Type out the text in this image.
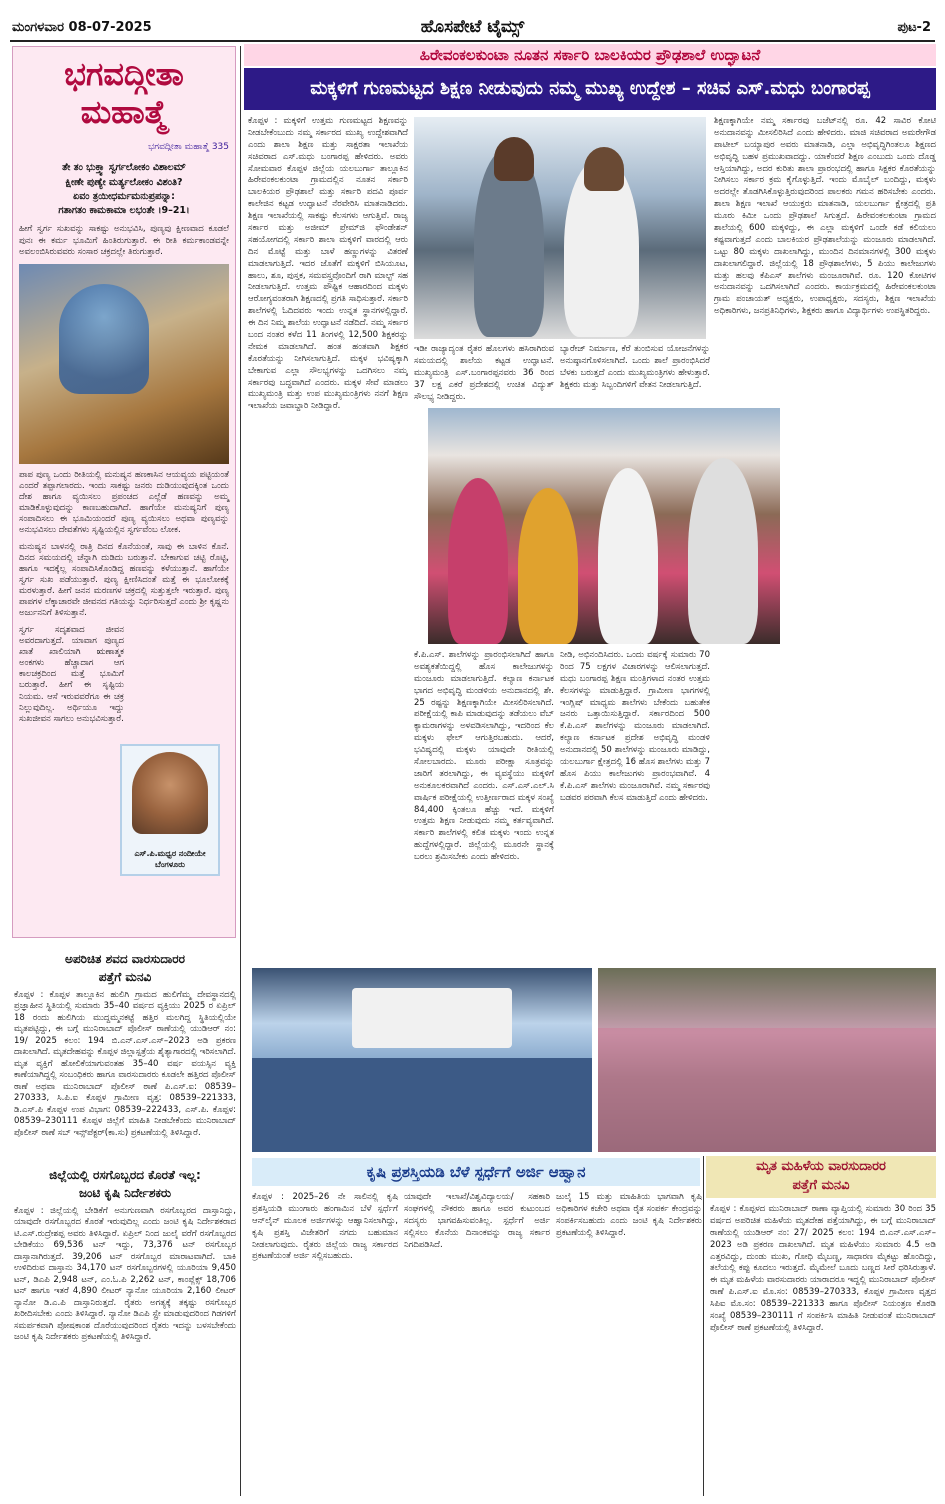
ಮಂಗಳವಾರ 08-07-2025	ಹೊಸಪೇಟೆ ಟೈಮ್ಸ್	ಪುಟ-2
ಭಗವದ್ಗೀತಾ
ಮಹಾತ್ಮೆ
ಭಗವದ್ಗೀತಾ ಮಹಾತ್ಮೆ 335
ತೇ ತಂ ಭುಕ್ತ್ವಾ ಸ್ವರ್ಗಲೋಕಂ ವಿಶಾಲಮ್
ಕ್ಷೀಣೇ ಪುಣ್ಯೇ ಮರ್ತ್ಯಲೋಕಂ ವಿಶಂತಿ?
ಏವಂ ತ್ರಯೀಧರ್ಮಮನುಪ್ರಪನ್ನಾ:
ಗತಾಗತಂ ಕಾಮಕಾಮಾ ಲಭಂತೇ ।9–21।
ಹೀಗೆ ಸ್ವರ್ಗ ಸುಖವನ್ನು ಸಾಕಷ್ಟು ಅನುಭವಿಸಿ, ಪುಣ್ಯವು ಕ್ಷೀಣವಾದ ಕೂಡಲೆ ಪುನಃ ಈ ಕರ್ಮ ಭೂಮಿಗೆ ಹಿಂತಿರುಗುತ್ತಾರೆ. ಈ ರೀತಿ ಕರ್ಮಕಾಂಡವನ್ನೇ ಅವಲಂಬಿಸಿರುವವರು ಸಂಸಾರ ಚಕ್ರದಲ್ಲೇ ತಿರುಗುತ್ತಾರೆ.
ಪಾಪ ಪುಣ್ಯ ಒಂದು ರೀತಿಯಲ್ಲಿ ಮನುಷ್ಯನ ಹಣಕಾಸಿನ ಆಯವ್ಯಯ ಪಟ್ಟಿಯಂತೆ ಎಂದರೆ ತಪ್ಪಾಗಲಾರದು. ಇಂದು ಸಾಕಷ್ಟು ಜನರು ದುಡಿಯುವುದಕ್ಕಿಂತ ಒಂದು ದೇಶ ಹಾಗೂ ವ್ಯಯಿಸಲು ಪ್ರಪಂಚದ ಎಲ್ಲೆಡೆ ಹಣವನ್ನು ಅಮ್ಮ ಮಾಡಿಕೊಳ್ಳುವುದನ್ನು ಕಾಣಬಹುದಾಗಿದೆ. ಹಾಗೆಯೇ ಮನುಷ್ಯನಿಗೆ ಪುಣ್ಯ ಸಂಪಾದಿಸಲು ಈ ಭೂಮಿಯಂದರೆ ಪುಣ್ಯ ವ್ಯಯಿಸಲು ಅಥವಾ ಪುಣ್ಯವನ್ನು ಅನುಭವಿಸಲು ದೇವತೆಗಳು ಸೃಷ್ಟಿಯಲ್ಲಿನ ಸ್ವರ್ಗವೆಂಬ ಲೋಕ.
ಮನುಷ್ಯನ ಬಾಳನಲ್ಲಿ ರಾತ್ರಿ ದಿನದ ಕೊನೆಯಂತೆ, ಸಾವು ಈ ಬಾಳಿನ ಕೊನೆ. ದಿನದ ಸಮಯದಲ್ಲಿ ಚೆನ್ನಾಗಿ ದುಡಿದು ಬರುತ್ತಾನೆ. ಬೇಕಾಗುವ ಚಟ್ಟಿ ರೊಟ್ಟಿ, ಹಾಗೂ ಇದಕ್ಕೆಲ್ಲ ಸಂಪಾದಿಸಿಕೊಂಡಿದ್ದ ಹಣವನ್ನು ಕಳೆಯುತ್ತಾನೆ. ಹಾಗೆಯೇ ಸ್ವರ್ಗ ಸುಖ ಪಡೆಯುತ್ತಾರೆ. ಪುಣ್ಯ ಕ್ಷೀಣಿಸಿದಂತೆ ಮತ್ತೆ ಈ ಭೂಲೋಕಕ್ಕೆ ಮರಳುತ್ತಾರೆ. ಹೀಗೆ ಜನನ ಮರಣಗಳ ಚಕ್ರದಲ್ಲಿ ಸುತ್ತುತ್ತಲೇ ಇರುತ್ತಾರೆ. ಪುಣ್ಯ ಪಾಪಗಳ ಲೆಕ್ಕಾಚಾರವೇ ಜೀವನದ ಗತಿಯನ್ನು ನಿರ್ಧರಿಸುತ್ತದೆ ಎಂದು ಶ್ರೀ ಕೃಷ್ಣನು ಅರ್ಜುನನಿಗೆ ತಿಳಿಸುತ್ತಾನೆ.
ಸ್ವರ್ಗ ಸದೃಶವಾದ ಜೀವನ ಅವರದಾಗುತ್ತದೆ. ಯಾವಾಗ ಪುಣ್ಯದ ಖಾತೆ ಖಾಲಿಯಾಗಿ ಋಣಾತ್ಮಕ ಅಂಕಗಳು ಹೆಚ್ಚಾದಾಗ ಆಗ ಕಾಲಚಕ್ರದಿಂದ ಮತ್ತೆ ಭೂಮಿಗೆ ಬರುತ್ತಾರೆ. ಹೀಗೆ ಈ ಸೃಷ್ಟಿಯ ನಿಯಮ. ಆಸೆ ಇರುವವರೆಗೂ ಈ ಚಕ್ರ ನಿಲ್ಲುವುದಿಲ್ಲ. ಅರ್ಥಿಯೂ ಇದ್ದು ಸುಖಜೀವನ ಸಾಗಲು ಅನುಭವಿಸುತ್ತಾರೆ.
ಎಸ್.ಪಿ.ಮಧ್ವರ ನಂದೀಯೇ ಬೆಂಗಳೂರು
ಅಪರಿಚಿತ ಶವದ ವಾರಸುದಾರರ
ಪತ್ತೆಗೆ ಮನವಿ
ಕೊಪ್ಪಳ : ಕೊಪ್ಪಳ ತಾಲ್ಲೂಕಿನ ಹುಲಿಗಿ ಗ್ರಾಮದ ಹುಲಿಗೆಮ್ಮ ದೇವಸ್ಥಾನದಲ್ಲಿ ಪ್ರಜ್ಞಾಹೀನ ಸ್ಥಿತಿಯಲ್ಲಿ ಸುಮಾರು 35–40 ವರ್ಷದ ವ್ಯಕ್ತಿಯು 2025 ರ ಏಪ್ರಿಲ್ 18 ರಂದು ಹುಲಿಗಿಯ ಮುದ್ದಮ್ಮನಕಟ್ಟೆ ಹತ್ತಿರ ಮಲಗಿದ್ದ ಸ್ಥಿತಿಯಲ್ಲಿಯೇ ಮೃತಪಟ್ಟಿದ್ದು, ಈ ಬಗ್ಗೆ ಮುನಿರಾಬಾದ್ ಪೊಲೀಸ್ ಠಾಣೆಯಲ್ಲಿ ಯುಡಿಆರ್ ನಂ: 19/ 2025 ಕಲಂ: 194 ಬಿ.ಎನ್.ಎಸ್.ಎಸ್–2023 ಅಡಿ ಪ್ರಕರಣ ದಾಖಲಾಗಿದೆ. ಮೃತದೇಹವನ್ನು ಕೊಪ್ಪಳ ಜಿಲ್ಲಾಸ್ಪತ್ರೆಯ ಶೈತ್ಯಾಗಾರದಲ್ಲಿ ಇರಿಸಲಾಗಿದೆ. ಮೃತ ವ್ಯಕ್ತಿಗೆ ಹೋಲಿಕೆಯಾಗುವಂತಹ 35–40 ವರ್ಷ ವಯಸ್ಸಿನ ವ್ಯಕ್ತಿ ಕಾಣೆಯಾಗಿದ್ದಲ್ಲಿ ಸಂಬಂಧಿಕರು ಹಾಗೂ ವಾರಸುದಾರರು ಕೂಡಲೇ ಹತ್ತಿರದ ಪೊಲೀಸ್ ಠಾಣೆ ಅಥವಾ ಮುನಿರಾಬಾದ್ ಪೊಲೀಸ್ ಠಾಣೆ ಪಿ.ಎಸ್.ಐ: 08539–270333, ಸಿ.ಪಿ.ಐ ಕೊಪ್ಪಳ ಗ್ರಾಮೀಣ ವೃತ್ತ: 08539–221333, ಡಿ.ಎಸ್.ಪಿ ಕೊಪ್ಪಳ ಉಪ ವಿಭಾಗ: 08539–222433, ಎಸ್.ಪಿ. ಕೊಪ್ಪಳ: 08539–230111 ಕೊಪ್ಪಳ ಜಿಲ್ಲೆಗೆ ಮಾಹಿತಿ ನೀಡಬೇಕೆಂದು ಮುನಿರಾಬಾದ್ ಪೊಲೀಸ್ ಠಾಣೆ ಸಬ್ ಇನ್ಸ್‌ಪೆಕ್ಟರ್(ಕಾ.ಸು) ಪ್ರಕಟಣೆಯಲ್ಲಿ ತಿಳಿಸಿದ್ದಾರೆ.
ಜಿಲ್ಲೆಯಲ್ಲಿ ರಸಗೊಬ್ಬರದ ಕೊರತೆ ಇಲ್ಲ:
ಜಂಟಿ ಕೃಷಿ ನಿರ್ದೇಶಕರು
ಕೊಪ್ಪಳ : ಜಿಲ್ಲೆಯಲ್ಲಿ ಬೇಡಿಕೆಗೆ ಅನುಗುಣವಾಗಿ ರಸಗೊಬ್ಬರದ ದಾಸ್ತಾನಿದ್ದು, ಯಾವುದೇ ರಸಗೊಬ್ಬರದ ಕೊರತೆ ಇರುವುದಿಲ್ಲ ಎಂದು ಜಂಟಿ ಕೃಷಿ ನಿರ್ದೇಶಕರಾದ ಟಿ.ಎಸ್.ರುದ್ರೇಶಪ್ಪ ಅವರು ತಿಳಿಸಿದ್ದಾರೆ. ಏಪ್ರಿಲ್ ನಿಂದ ಜುಲೈ ವರೆಗೆ ರಸಗೊಬ್ಬರದ ಬೇಡಿಕೆಯು 69,536 ಟನ್ ಇದ್ದು, 73,376 ಟನ್ ರಸಗೊಬ್ಬರ ದಾಸ್ತಾನಾಗಿರುತ್ತದೆ. 39,206 ಟನ್ ರಸಗೊಬ್ಬರ ಮಾರಾಟವಾಗಿದೆ. ಬಾಕಿ ಉಳಿದಿರುವ ದಾಸ್ತಾನು 34,170 ಟನ್ ರಸಗೊಬ್ಬರಗಳಲ್ಲಿ ಯೂರಿಯಾ 9,450 ಟನ್, ಡಿಎಪಿ 2,948 ಟನ್, ಎಂ.ಓ.ಪಿ 2,262 ಟನ್, ಕಾಂಪ್ಲೆಕ್ಸ್ 18,706 ಟನ್ ಹಾಗೂ ಇತರೆ 4,890 ಲೀಟರ್ ನ್ಯಾನೋ ಯೂರಿಯಾ 2,160 ಲೀಟರ್ ನ್ಯಾನೋ ಡಿ.ಎ.ಪಿ ದಾಸ್ತಾನಿರುತ್ತದೆ. ರೈತರು ಅಗತ್ಯಕ್ಕೆ ತಕ್ಕಷ್ಟು ರಸಗೊಬ್ಬರ ಖರೀದಿಸಬೇಕು ಎಂದು ತಿಳಿಸಿದ್ದಾರೆ. ನ್ಯಾನೋ ಡಿಎಪಿ ಸ್ಪ್ರೇ ಮಾಡುವುದರಿಂದ ಗಿಡಗಳಿಗೆ ಸಮರ್ಪಕವಾಗಿ ಪೋಷಕಾಂಶ ದೊರೆಯುವುದರಿಂದ ರೈತರು ಇದನ್ನು ಬಳಸಬೇಕೆಂದು ಜಂಟಿ ಕೃಷಿ ನಿರ್ದೇಶಕರು ಪ್ರಕಟಣೆಯಲ್ಲಿ ತಿಳಿಸಿದ್ದಾರೆ.
ಹಿರೇವಂಕಲಕುಂಟಾ ನೂತನ ಸರ್ಕಾರಿ ಬಾಲಕಿಯರ ಪ್ರೌಢಶಾಲೆ ಉದ್ಘಾಟನೆ
ಮಕ್ಕಳಿಗೆ ಗುಣಮಟ್ಟದ ಶಿಕ್ಷಣ ನೀಡುವುದು ನಮ್ಮ ಮುಖ್ಯ ಉದ್ದೇಶ – ಸಚಿವ ಎಸ್.ಮಧು ಬಂಗಾರಪ್ಪ
ಕೊಪ್ಪಳ : ಮಕ್ಕಳಿಗೆ ಉತ್ತಮ ಗುಣಮಟ್ಟದ ಶಿಕ್ಷಣವನ್ನು ನೀಡಬೇಕೆಂಬುದು ನಮ್ಮ ಸರ್ಕಾರದ ಮುಖ್ಯ ಉದ್ದೇಶವಾಗಿದೆ ಎಂದು ಶಾಲಾ ಶಿಕ್ಷಣ ಮತ್ತು ಸಾಕ್ಷರತಾ ಇಲಾಖೆಯ ಸಚಿವರಾದ ಎಸ್.ಮಧು ಬಂಗಾರಪ್ಪ ಹೇಳಿದರು. ಅವರು ಸೋಮವಾರ ಕೊಪ್ಪಳ ಜಿಲ್ಲೆಯ ಯಲಬುರ್ಗಾ ತಾಲ್ಲೂಕಿನ ಹಿರೇವಂಕಲಕುಂಟಾ ಗ್ರಾಮದಲ್ಲಿನ ನೂತನ ಸರ್ಕಾರಿ ಬಾಲಕಿಯರ ಪ್ರೌಢಶಾಲೆ ಮತ್ತು ಸರ್ಕಾರಿ ಪದವಿ ಪೂರ್ವ ಕಾಲೇಜಿನ ಕಟ್ಟಡ ಉದ್ಘಾಟನೆ ನೆರವೇರಿಸಿ ಮಾತನಾಡಿದರು. ಶಿಕ್ಷಣ ಇಲಾಖೆಯಲ್ಲಿ ಸಾಕಷ್ಟು ಕೆಲಸಗಳು ಆಗುತ್ತಿವೆ. ರಾಜ್ಯ ಸರ್ಕಾರ ಮತ್ತು ಅಜೀಮ್ ಪ್ರೇಮ್‌ಜಿ ಫೌಂಡೇಶನ್ ಸಹಯೋಗದಲ್ಲಿ ಸರ್ಕಾರಿ ಶಾಲಾ ಮಕ್ಕಳಿಗೆ ವಾರದಲ್ಲಿ ಆರು ದಿನ ಮೊಟ್ಟೆ ಮತ್ತು ಬಾಳೆ ಹಣ್ಣುಗಳನ್ನು ವಿತರಣೆ ಮಾಡಲಾಗುತ್ತಿದೆ. ಇದರ ಜೊತೆಗೆ ಮಕ್ಕಳಿಗೆ ಬಿಸಿಯೂಟ, ಹಾಲು, ಶೂ, ಪುಸ್ತಕ, ಸಮವಸ್ತ್ರವೊಂದಿಗೆ ರಾಗಿ ಮಾಲ್ಟ್ ಸಹ ನೀಡಲಾಗುತ್ತಿದೆ. ಉತ್ತಮ ಪೌಷ್ಟಿಕ ಆಹಾರದಿಂದ ಮಕ್ಕಳು ಆರೋಗ್ಯವಂತರಾಗಿ ಶಿಕ್ಷಣದಲ್ಲಿ ಪ್ರಗತಿ ಸಾಧಿಸುತ್ತಾರೆ. ಸರ್ಕಾರಿ ಶಾಲೆಗಳಲ್ಲಿ ಓದಿದವರು ಇಂದು ಉನ್ನತ ಸ್ಥಾನಗಳಲ್ಲಿದ್ದಾರೆ. ಈ ದಿನ ನಿಮ್ಮ ಶಾಲೆಯ ಉದ್ಘಾಟನೆ ನಡೆದಿದೆ. ನಮ್ಮ ಸರ್ಕಾರ ಬಂದ ನಂತರ ಕಳೆದ 11 ತಿಂಗಳಲ್ಲಿ 12,500 ಶಿಕ್ಷಕರನ್ನು ನೇಮಕ ಮಾಡಲಾಗಿದೆ. ಹಂತ ಹಂತವಾಗಿ ಶಿಕ್ಷಕರ ಕೊರತೆಯನ್ನು ನೀಗಿಸಲಾಗುತ್ತಿದೆ. ಮಕ್ಕಳ ಭವಿಷ್ಯಕ್ಕಾಗಿ ಬೇಕಾಗುವ ಎಲ್ಲಾ ಸೌಲಭ್ಯಗಳನ್ನು ಒದಗಿಸಲು ನಮ್ಮ ಸರ್ಕಾರವು ಬದ್ಧವಾಗಿದೆ ಎಂದರು. ಮಕ್ಕಳ ಸೇವೆ ಮಾಡಲು ಮುಖ್ಯಮಂತ್ರಿ ಮತ್ತು ಉಪ ಮುಖ್ಯಮಂತ್ರಿಗಳು ನನಗೆ ಶಿಕ್ಷಣ ಇಲಾಖೆಯ ಜವಾಬ್ದಾರಿ ನೀಡಿದ್ದಾರೆ.
ಶಿಕ್ಷಣಕ್ಕಾಗಿಯೇ ನಮ್ಮ ಸರ್ಕಾರವು ಬಜೆಟ್‌ನಲ್ಲಿ ರೂ. 42 ಸಾವಿರ ಕೋಟಿ ಅನುದಾನವನ್ನು ಮೀಸಲಿರಿಸಿದೆ ಎಂದು ಹೇಳಿದರು. ಮಾಜಿ ಸಚಿವರಾದ ಅಮರೇಗೌಡ ಪಾಟೀಲ್ ಬಯ್ಯಾಪುರ ಅವರು ಮಾತನಾಡಿ, ಎಲ್ಲಾ ಅಭಿವೃದ್ಧಿಗಿಂತಲೂ ಶಿಕ್ಷಣದ ಅಭಿವೃದ್ಧಿ ಬಹಳ ಪ್ರಮುಖವಾದದ್ದು. ಯಾಕೆಂದರೆ ಶಿಕ್ಷಣ ಎಂಬುದು ಒಂದು ದೊಡ್ಡ ಆಸ್ತಿಯಾಗಿದ್ದು, ಅದರ ಕುರಿತು ಶಾಲಾ ಪ್ರಾರಂಭದಲ್ಲಿ ಹಾಗೂ ಸಿಕ್ಷಕರ ಕೊರತೆಯನ್ನು ನೀಗಿಸಲು ಸರ್ಕಾರ ಕ್ರಮ ಕೈಗೊಳ್ಳುತ್ತಿದೆ. ಇಂದು ಮೊಬೈಲ್ ಬಂದಿದ್ದು, ಮಕ್ಕಳು ಅದರಲ್ಲೇ ತೊಡಗಿಸಿಕೊಳ್ಳುತ್ತಿರುವುದರಿಂದ ಪಾಲಕರು ಗಮನ ಹರಿಸಬೇಕು ಎಂದರು. ಶಾಲಾ ಶಿಕ್ಷಣ ಇಲಾಖೆ ಆಯುಕ್ತರು ಮಾತನಾಡಿ, ಯಲಬುರ್ಗಾ ಕ್ಷೇತ್ರದಲ್ಲಿ ಪ್ರತಿ ಮೂರು ಕಿಮೀ ಒಂದು ಪ್ರೌಢಶಾಲೆ ಸಿಗುತ್ತದೆ. ಹಿರೇವಂಕಲಕುಂಟಾ ಗ್ರಾಮದ ಶಾಲೆಯಲ್ಲಿ 600 ಮಕ್ಕಳಿದ್ದು, ಈ ಎಲ್ಲಾ ಮಕ್ಕಳಿಗೆ ಒಂದೇ ಕಡೆ ಕಲಿಯಲು ಕಷ್ಟವಾಗುತ್ತದೆ ಎಂದು ಬಾಲಕಿಯರ ಪ್ರೌಢಶಾಲೆಯನ್ನು ಮಂಜೂರು ಮಾಡಲಾಗಿದೆ. ಒಟ್ಟು 80 ಮಕ್ಕಳು ದಾಖಲಾಗಿದ್ದು, ಮುಂದಿನ ದಿನಮಾನಗಳಲ್ಲಿ 300 ಮಕ್ಕಳು ದಾಖಲಾಗಲಿದ್ದಾರೆ. ಜಿಲ್ಲೆಯಲ್ಲಿ 18 ಪ್ರೌಢಶಾಲೆಗಳು, 5 ಪಿಯು ಕಾಲೇಜುಗಳು ಮತ್ತು ಹಲವು ಕೆಪಿಎಸ್ ಶಾಲೆಗಳು ಮಂಜೂರಾಗಿವೆ. ರೂ. 120 ಕೋಟಿಗಳ ಅನುದಾನವನ್ನು ಒದಗಿಸಲಾಗಿದೆ ಎಂದರು. ಕಾರ್ಯಕ್ರಮದಲ್ಲಿ ಹಿರೇವಂಕಲಕುಂಟಾ ಗ್ರಾಮ ಪಂಚಾಯತ್ ಅಧ್ಯಕ್ಷರು, ಉಪಾಧ್ಯಕ್ಷರು, ಸದಸ್ಯರು, ಶಿಕ್ಷಣ ಇಲಾಖೆಯ ಅಧಿಕಾರಿಗಳು, ಜನಪ್ರತಿನಿಧಿಗಳು, ಶಿಕ್ಷಕರು ಹಾಗೂ ವಿದ್ಯಾರ್ಥಿಗಳು ಉಪಸ್ಥಿತರಿದ್ದರು.
ಇಡೀ ರಾಜ್ಯಾದ್ಯಂತ ರೈತರ ಹೊಲಗಳು ಹಸಿರಾಗಿರುವ ಸಮಯದಲ್ಲಿ ಶಾಲೆಯ ಕಟ್ಟಡ ಉದ್ಘಾಟನೆ. ಮುಖ್ಯಮಂತ್ರಿ ಎಸ್.ಬಂಗಾರಪ್ಪನವರು 36 ರಿಂದ 37 ಲಕ್ಷ ಎಕರೆ ಪ್ರದೇಶದಲ್ಲಿ ಉಚಿತ ವಿದ್ಯುತ್ ಸೌಲಭ್ಯ ನೀಡಿದ್ದರು.
ಬ್ಯಾರೇಜ್ ನಿರ್ಮಾಣ, ಕೆರೆ ತುಂಬಿಸುವ ಯೋಜನೆಗಳನ್ನು ಅನುಷ್ಠಾನಗೊಳಿಸಲಾಗಿದೆ. ಒಂದು ಶಾಲೆ ಪ್ರಾರಂಭಿಸಿದರೆ ಬೆಳಕು ಬರುತ್ತದೆ ಎಂದು ಮುಖ್ಯಮಂತ್ರಿಗಳು ಹೇಳುತ್ತಾರೆ. ಶಿಕ್ಷಕರು ಮತ್ತು ಸಿಬ್ಬಂದಿಗಳಿಗೆ ವೇತನ ನೀಡಲಾಗುತ್ತಿದೆ.
ಕೆ.ಪಿ.ಎಸ್. ಶಾಲೆಗಳನ್ನು ಪ್ರಾರಂಭಿಸಲಾಗಿದೆ ಹಾಗೂ ಅವಶ್ಯಕತೆಯಿದ್ದಲ್ಲಿ ಹೊಸ ಕಾಲೇಜುಗಳನ್ನು ಮಂಜೂರು ಮಾಡಲಾಗುತ್ತಿದೆ. ಕಲ್ಯಾಣ ಕರ್ನಾಟಕ ಭಾಗದ ಅಭಿವೃದ್ಧಿ ಮಂಡಳಿಯ ಅನುದಾನದಲ್ಲಿ ಶೇ. 25 ರಷ್ಟನ್ನು ಶಿಕ್ಷಣಕ್ಕಾಗಿಯೇ ಮೀಸಲಿರಿಸಲಾಗಿದೆ. ಪರೀಕ್ಷೆಯಲ್ಲಿ ಕಾಪಿ ಮಾಡುವುದನ್ನು ತಡೆಯಲು ವೆಬ್ ಕ್ಯಾಮರಾಗಳನ್ನು ಅಳವಡಿಸಲಾಗಿದ್ದು, ಇದರಿಂದ ಕೆಲ ಮಕ್ಕಳು ಫೇಲ್ ಆಗುತ್ತಿರಬಹುದು. ಆದರೆ, ಭವಿಷ್ಯದಲ್ಲಿ ಮಕ್ಕಳು ಯಾವುದೇ ರೀತಿಯಲ್ಲಿ ಸೋಲಬಾರದು. ಮೂರು ಪರೀಕ್ಷಾ ಸೂತ್ರವನ್ನು ಜಾರಿಗೆ ತರಲಾಗಿದ್ದು, ಈ ವ್ಯವಸ್ಥೆಯು ಮಕ್ಕಳಿಗೆ ಅನುಕೂಲಕರವಾಗಿದೆ ಎಂದರು. ಎಸ್.ಎಸ್.ಎಲ್.ಸಿ ವಾರ್ಷಿಕ ಪರೀಕ್ಷೆಯಲ್ಲಿ ಉತ್ತೀರ್ಣರಾದ ಮಕ್ಕಳ ಸಂಖ್ಯೆ 84,400 ಕ್ಕಿಂತಲೂ ಹೆಚ್ಚು ಇದೆ. ಮಕ್ಕಳಿಗೆ ಉತ್ತಮ ಶಿಕ್ಷಣ ನೀಡುವುದು ನಮ್ಮ ಕರ್ತವ್ಯವಾಗಿದೆ. ಸರ್ಕಾರಿ ಶಾಲೆಗಳಲ್ಲಿ ಕಲಿತ ಮಕ್ಕಳು ಇಂದು ಉನ್ನತ ಹುದ್ದೆಗಳಲ್ಲಿದ್ದಾರೆ. ಜಿಲ್ಲೆಯಲ್ಲಿ ಮೂರನೇ ಸ್ಥಾನಕ್ಕೆ ಬರಲು ಶ್ರಮಿಸಬೇಕು ಎಂದು ಹೇಳಿದರು.
ನೀಡಿ, ಅಭಿನಂದಿಸಿದರು. ಒಂದು ವರ್ಷಕ್ಕೆ ಸುಮಾರು 70 ರಿಂದ 75 ಲಕ್ಷಗಳ ವಿಚಾರಗಳನ್ನು ಆಲಿಸಲಾಗುತ್ತದೆ. ಮಧು ಬಂಗಾರಪ್ಪ ಶಿಕ್ಷಣ ಮಂತ್ರಿಗಳಾದ ನಂತರ ಉತ್ತಮ ಕೆಲಸಗಳನ್ನು ಮಾಡುತ್ತಿದ್ದಾರೆ. ಗ್ರಾಮೀಣ ಭಾಗಗಳಲ್ಲಿ ಇಂಗ್ಲಿಷ್ ಮಾಧ್ಯಮ ಶಾಲೆಗಳು ಬೇಕೆಂದು ಬಹುತೇಕ ಜನರು ಒತ್ತಾಯಿಸುತ್ತಿದ್ದಾರೆ. ಸರ್ಕಾರದಿಂದ 500 ಕೆ.ಪಿ.ಎಸ್ ಶಾಲೆಗಳನ್ನು ಮಂಜೂರು ಮಾಡಲಾಗಿದೆ. ಕಲ್ಯಾಣ ಕರ್ನಾಟಕ ಪ್ರದೇಶ ಅಭಿವೃದ್ಧಿ ಮಂಡಳಿ ಅನುದಾನದಲ್ಲಿ 50 ಶಾಲೆಗಳನ್ನು ಮಂಜೂರು ಮಾಡಿದ್ದು, ಯಲಬುರ್ಗಾ ಕ್ಷೇತ್ರದಲ್ಲಿ 16 ಹೊಸ ಶಾಲೆಗಳು ಮತ್ತು 7 ಹೊಸ ಪಿಯು ಕಾಲೇಜುಗಳು ಪ್ರಾರಂಭವಾಗಿವೆ. 4 ಕೆ.ಪಿ.ಎಸ್ ಶಾಲೆಗಳು ಮಂಜೂರಾಗಿವೆ. ನಮ್ಮ ಸರ್ಕಾರವು ಬಡವರ ಪರವಾಗಿ ಕೆಲಸ ಮಾಡುತ್ತಿದೆ ಎಂದು ಹೇಳಿದರು.
ಕೃಷಿ ಪ್ರಶಸ್ತಿಯಡಿ ಬೆಳೆ ಸ್ಪರ್ಧೆಗೆ ಅರ್ಜಿ ಆಹ್ವಾನ
ಕೊಪ್ಪಳ : 2025–26 ನೇ ಸಾಲಿನಲ್ಲಿ ಕೃಷಿ ಪ್ರಶಸ್ತಿಯಡಿ ಮುಂಗಾರು ಹಂಗಾಮಿನ ಬೆಳೆ ಸ್ಪರ್ಧೆಗೆ ಆನ್‌ಲೈನ್ ಮೂಲಕ ಅರ್ಜಿಗಳನ್ನು ಆಹ್ವಾನಿಸಲಾಗಿದ್ದು, ಕೃಷಿ ಪ್ರಶಸ್ತಿ ವಿಜೇತರಿಗೆ ನಗದು ಬಹುಮಾನ ನೀಡಲಾಗುವುದು. ರೈತರು ಜಿಲ್ಲೆಯ ರಾಜ್ಯ ಸರ್ಕಾರದ ಪ್ರಕಟಣೆಯಂತೆ ಅರ್ಜಿ ಸಲ್ಲಿಸಬಹುದು.
ಯಾವುದೇ ಇಲಾಖೆ/ವಿಶ್ವವಿದ್ಯಾಲಯ/ ಸಹಕಾರಿ ಸಂಘಗಳಲ್ಲಿ ನೌಕರರು ಹಾಗೂ ಅವರ ಕುಟುಂಬದ ಸದಸ್ಯರು ಭಾಗವಹಿಸುವಂತಿಲ್ಲ. ಸ್ಪರ್ಧೆಗೆ ಅರ್ಜಿ ಸಲ್ಲಿಸಲು ಕೊನೆಯ ದಿನಾಂಕವನ್ನು ರಾಜ್ಯ ಸರ್ಕಾರ ನಿಗದಿಪಡಿಸಿದೆ.
ಜುಲೈ 15 ಮತ್ತು ಮಾಹಿತಿಯ ಭಾಗವಾಗಿ ಕೃಷಿ ಅಧಿಕಾರಿಗಳ ಕಚೇರಿ ಅಥವಾ ರೈತ ಸಂಪರ್ಕ ಕೇಂದ್ರವನ್ನು ಸಂಪರ್ಕಿಸಬಹುದು ಎಂದು ಜಂಟಿ ಕೃಷಿ ನಿರ್ದೇಶಕರು ಪ್ರಕಟಣೆಯಲ್ಲಿ ತಿಳಿಸಿದ್ದಾರೆ.
ಮೃತ ಮಹಿಳೆಯ ವಾರಸುದಾರರ
ಪತ್ತೆಗೆ ಮನವಿ
ಕೊಪ್ಪಳ : ಕೊಪ್ಪಳದ ಮುನಿರಾಬಾದ್ ಠಾಣಾ ವ್ಯಾಪ್ತಿಯಲ್ಲಿ ಸುಮಾರು 30 ರಿಂದ 35 ವರ್ಷದ ಅಪರಿಚಿತ ಮಹಿಳೆಯ ಮೃತದೇಹ ಪತ್ತೆಯಾಗಿದ್ದು, ಈ ಬಗ್ಗೆ ಮುನಿರಾಬಾದ್ ಠಾಣೆಯಲ್ಲಿ ಯುಡಿಆರ್ ನಂ: 27/ 2025 ಕಲಂ: 194 ಬಿ.ಎನ್.ಎಸ್.ಎಸ್–2023 ಅಡಿ ಪ್ರಕರಣ ದಾಖಲಾಗಿದೆ. ಮೃತ ಮಹಿಳೆಯು ಸುಮಾರು 4.5 ಅಡಿ ಎತ್ತರವಿದ್ದು, ದುಂಡು ಮುಖ, ಗೋಧಿ ಮೈಬಣ್ಣ, ಸಾಧಾರಣ ಮೈಕಟ್ಟು ಹೊಂದಿದ್ದು, ತಲೆಯಲ್ಲಿ ಕಪ್ಪು ಕೂದಲು ಇರುತ್ತದೆ. ಮೈಮೇಲೆ ಬೂದು ಬಣ್ಣದ ಸೀರೆ ಧರಿಸಿರುತ್ತಾಳೆ. ಈ ಮೃತ ಮಹಿಳೆಯ ವಾರಸುದಾರರು ಯಾರಾದರೂ ಇದ್ದಲ್ಲಿ ಮುನಿರಾಬಾದ್ ಪೊಲೀಸ್ ಠಾಣೆ ಪಿ.ಎಸ್.ಐ ಮೊ.ಸಂ: 08539–270333, ಕೊಪ್ಪಳ ಗ್ರಾಮೀಣ ವೃತ್ತದ ಸಿಪಿಐ ಮೊ.ಸಂ: 08539–221333 ಹಾಗೂ ಪೊಲೀಸ್ ನಿಯಂತ್ರಣ ಕೊಠಡಿ ಸಂಖ್ಯೆ 08539–230111 ಗೆ ಸಂಪರ್ಕಿಸಿ ಮಾಹಿತಿ ನೀಡುವಂತೆ ಮುನಿರಾಬಾದ್ ಪೊಲೀಸ್ ಠಾಣೆ ಪ್ರಕಟಣೆಯಲ್ಲಿ ತಿಳಿಸಿದ್ದಾರೆ.
